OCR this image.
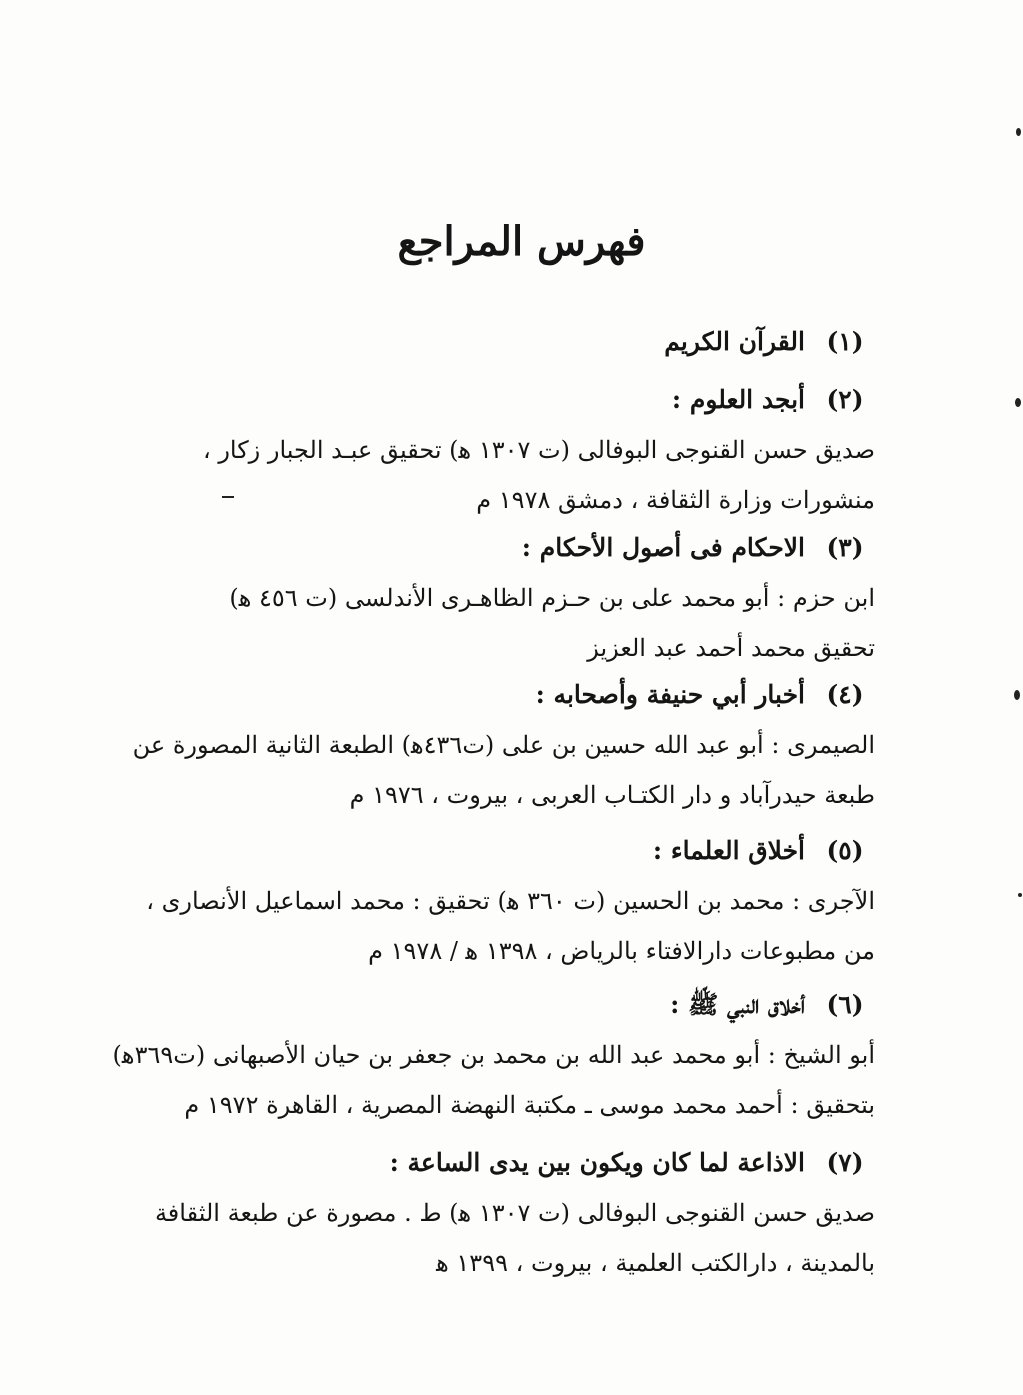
فهرس المراجع
(١)
القرآن الكريم
(٢)
أبجد العلوم :
صديق حسن القنوجى البوفالى (ت ١٣٠٧ ﻫ) تحقيق عبـد الجبار زكار ،
منشورات وزارة الثقافة ، دمشق ١٩٧٨ م
(٣)
الاحكام فى أصول الأحكام :
ابن حزم : أبو محمد على بن حـزم الظاهـرى الأندلسى (ت ٤٥٦ ﻫ)
تحقيق محمد أحمد عبد العزيز
(٤)
أخبار أبي حنيفة وأصحابه :
الصيمرى : أبو عبد الله حسين بن على (ت٤٣٦ﻫ) الطبعة الثانية المصورة عن
طبعة حيدرآباد و دار الكتـاب العربى ، بيروت ، ١٩٧٦ م
(٥)
أخلاق العلماء :
الآجرى : محمد بن الحسين (ت ٣٦٠ ﻫ) تحقيق : محمد اسماعيل الأنصارى ،
من مطبوعات دارالافتاء بالرياض ، ١٣٩٨ ﻫ / ١٩٧٨ م
(٦)
أخلاق النبي ﷺ :
أبو الشيخ : أبو محمد عبد الله بن محمد بن جعفر بن حيان الأصبهانى (ت٣٦٩ﻫ)
بتحقيق : أحمد محمد موسى ـ مكتبة النهضة المصرية ، القاهرة ١٩٧٢ م
(٧)
الاذاعة لما كان ويكون بين يدى الساعة :
صديق حسن القنوجى البوفالى (ت ١٣٠٧ ﻫ) ط . مصورة عن طبعة الثقافة
بالمدينة ، دارالكتب العلمية ، بيروت ، ١٣٩٩ ﻫ
